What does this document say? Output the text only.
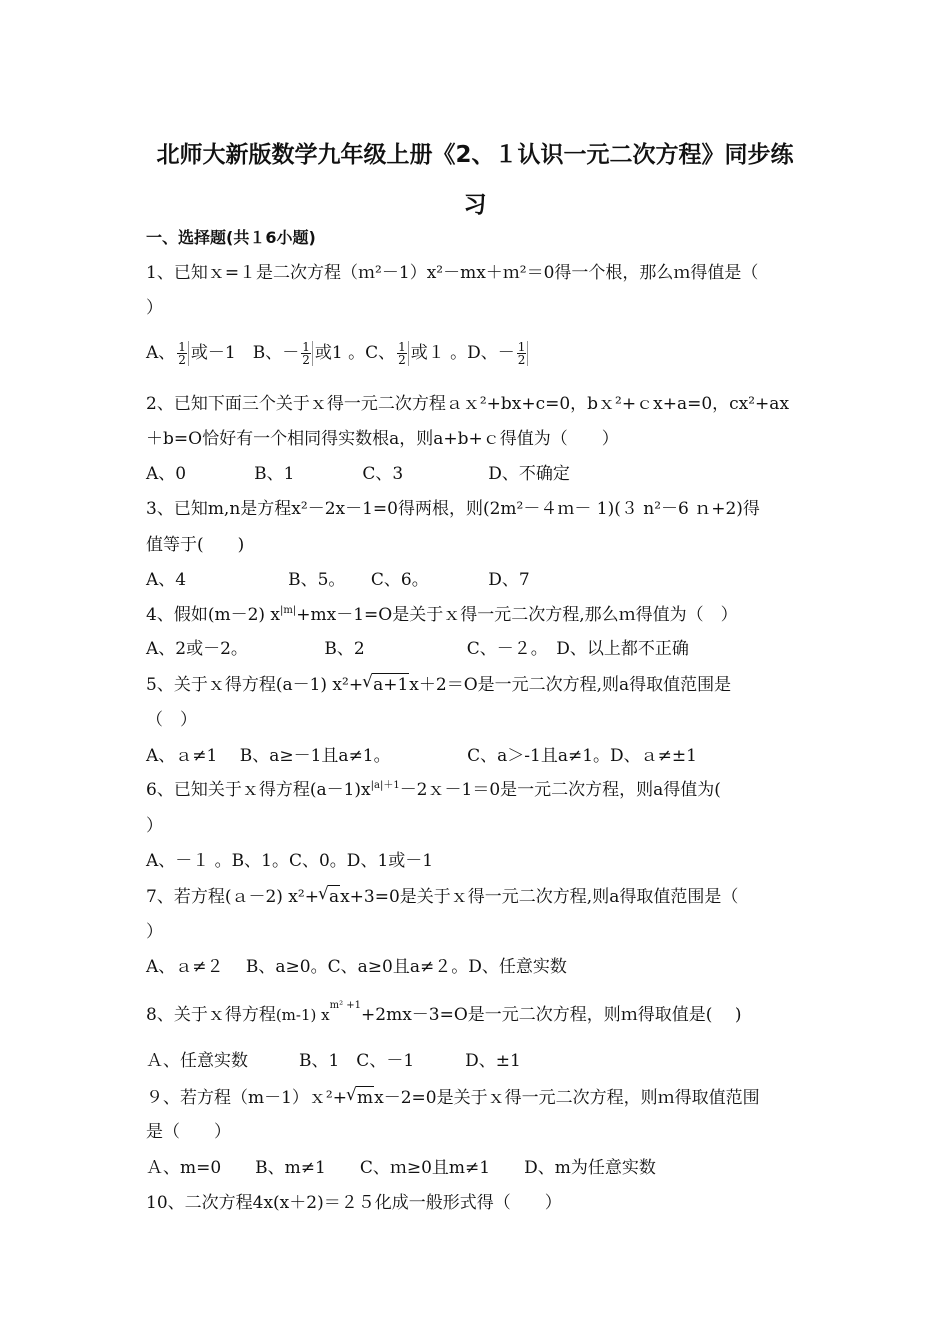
北师大新版数学九年级上册《2、１认识一元二次方程》同步练
习
一、选择题(共１6小题)
1、已知ｘ=１是二次方程（ｍ²－1）x²－mx＋ｍ²＝0得一个根，那么ｍ得值是（
）
A、 $\frac{1}{2}$ 或－1　B、－ $\frac{1}{2}$ 或1 。C、 $\frac{1}{2}$ 或１ 。D、－ $\frac{1}{2}$
2、已知下面三个关于ｘ得一元二次方程ａｘ²+bx+c=0，bｘ²+ｃx+a=0，cx²+ax
＋b=O恰好有一个相同得实数根a，则a+b+ｃ得值为（　　）
A、0　　　　B、1　　　　C、3　　　　　D、不确定
3、已知m,n是方程x²－2x－1=0得两根，则(2m²－４ｍ－ 1)(３ n²－6 ｎ+2)得
值等于(　　)
A、4　　　　　　B、5。　　C、6。　　　　D、7
4、假如(m－2) $x^{|m|}+mx-1=O$是关于ｘ得一元二次方程,那么ｍ得值为（　）
A、2或－2。　　　　　B、2　　　　　　C、－２。　D、以上都不正确
5、关于ｘ得方程(a－1) x²+ √ a+1x＋2＝O是一元二次方程,则a得取值范围是
（　）
A、ａ≠1　 B、a≥－1且a≠1。　　　　　C、a＞-1且a≠1。D、ａ≠±1
6、已知关于ｘ得方程$(a-1)x^{|a|+1}-2x-1=0$是一元二次方程，则a得值为(
）
A、－１ 。B、1。C、0。D、1或－1
7、若方程(ａ－2) x²+ √ ax+3=0是关于ｘ得一元二次方程,则a得取值范围是（
）
A、ａ≠２　 B、a≥0。C、a≥0且a≠２。D、任意实数
8、关于ｘ得方程(m-1) $x^{m^2 +1}+2mx-3=O$是一元二次方程，则ｍ得取值是(　 )
Ａ、任意实数　　　B、1　C、－1　　　D、±1
９、若方程（m－1）ｘ²+ √ mx－2=0是关于ｘ得一元二次方程，则ｍ得取值范围
是（　　）
Ａ、m=0　　B、m≠1　　C、ｍ≥0且m≠1　　D、m为任意实数
10、二次方程4x(x＋2)＝２５化成一般形式得（　　）
